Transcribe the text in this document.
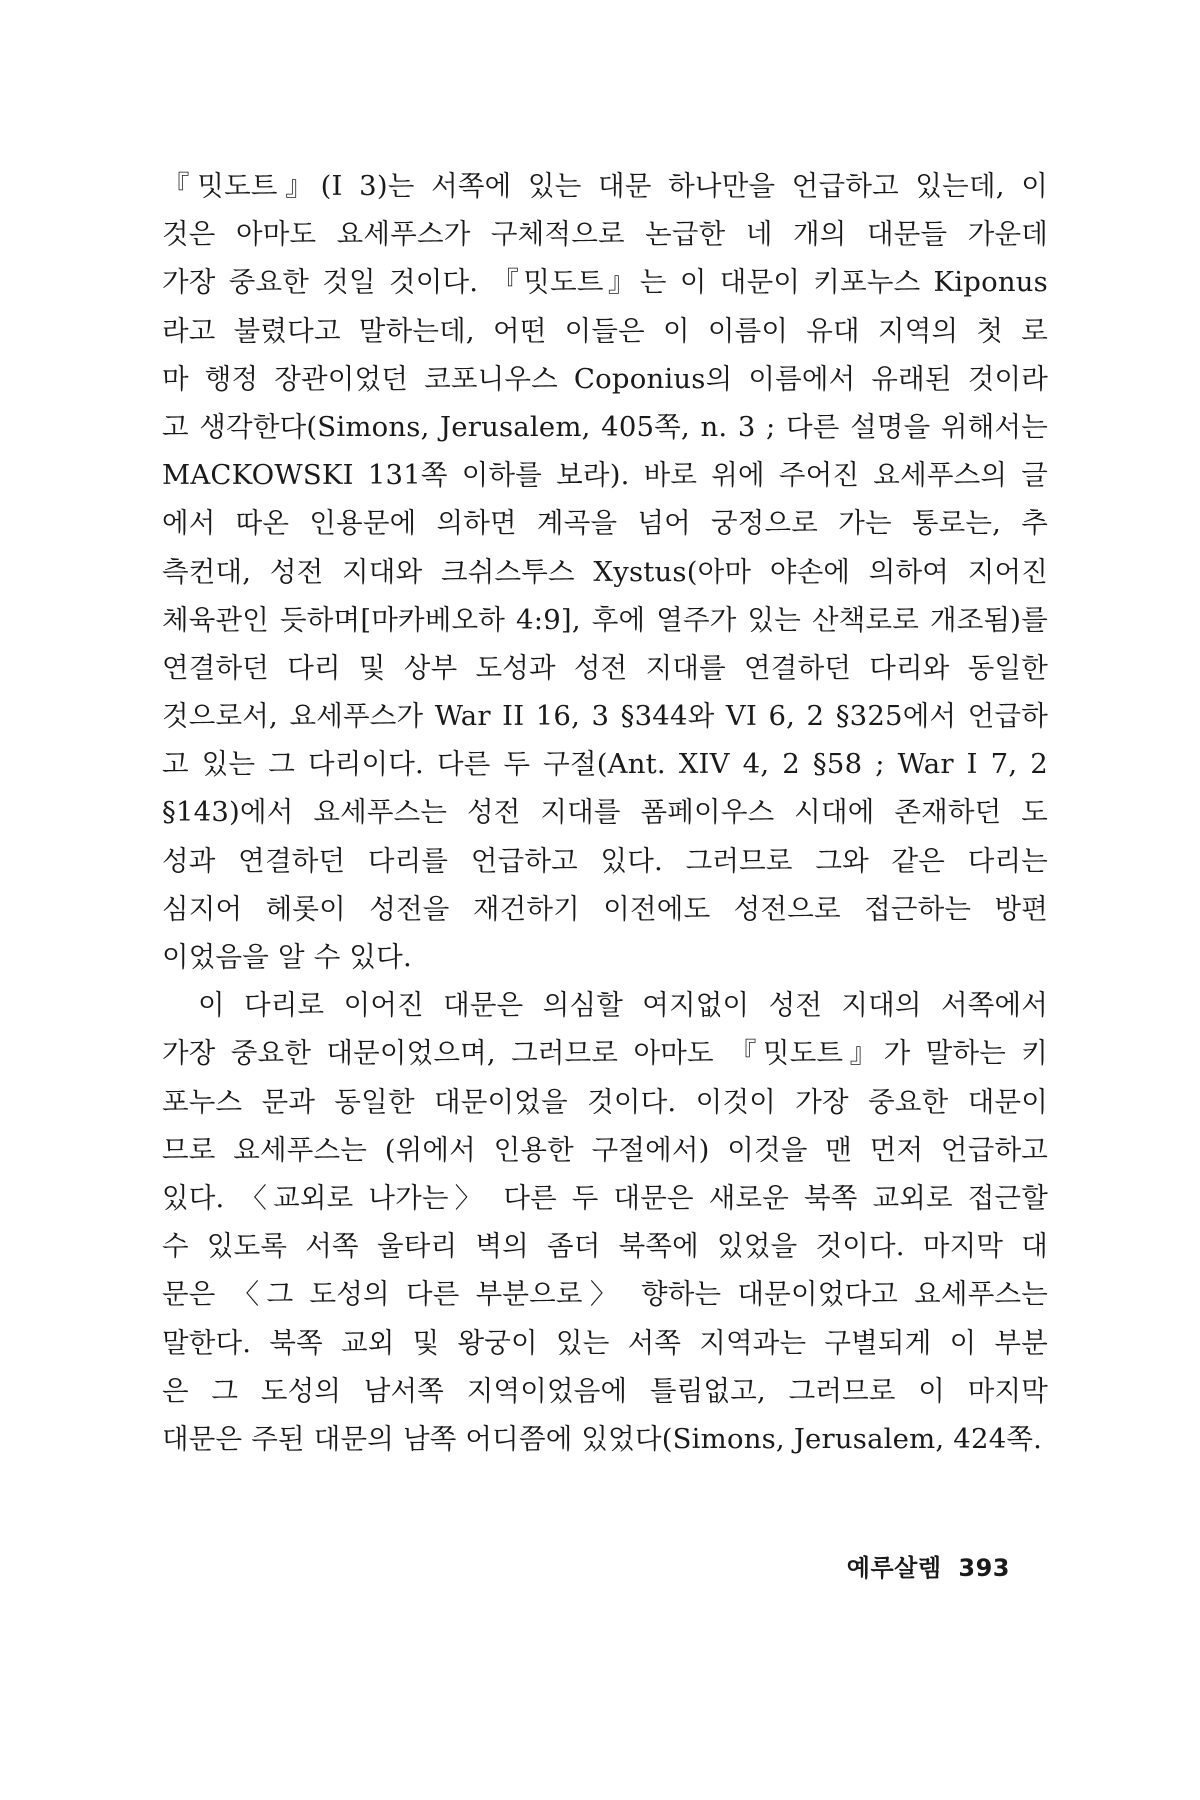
『밋도트』(I 3)는 서쪽에 있는 대문 하나만을 언급하고 있는데, 이
것은 아마도 요세푸스가 구체적으로 논급한 네 개의 대문들 가운데
가장 중요한 것일 것이다. 『밋도트』는 이 대문이 키포누스 Kiponus
라고 불렸다고 말하는데, 어떤 이들은 이 이름이 유대 지역의 첫 로
마 행정 장관이었던 코포니우스 Coponius의 이름에서 유래된 것이라
고 생각한다(Simons, Jerusalem, 405쪽, n. 3 ; 다른 설명을 위해서는
MACKOWSKI 131쪽 이하를 보라). 바로 위에 주어진 요세푸스의 글
에서 따온 인용문에 의하면 계곡을 넘어 궁정으로 가는 통로는, 추
측컨대, 성전 지대와 크쉬스투스 Xystus(아마 야손에 의하여 지어진
체육관인 듯하며[마카베오하 4:9], 후에 열주가 있는 산책로로 개조됨)를
연결하던 다리 및 상부 도성과 성전 지대를 연결하던 다리와 동일한
것으로서, 요세푸스가 War II 16, 3 §344와 VI 6, 2 §325에서 언급하
고 있는 그 다리이다. 다른 두 구절(Ant. XIV 4, 2 §58 ; War I 7, 2
§143)에서 요세푸스는 성전 지대를 폼페이우스 시대에 존재하던 도
성과 연결하던 다리를 언급하고 있다. 그러므로 그와 같은 다리는
심지어 헤롯이 성전을 재건하기 이전에도 성전으로 접근하는 방편
이었음을 알 수 있다.
이 다리로 이어진 대문은 의심할 여지없이 성전 지대의 서쪽에서
가장 중요한 대문이었으며, 그러므로 아마도 『밋도트』가 말하는 키
포누스 문과 동일한 대문이었을 것이다. 이것이 가장 중요한 대문이
므로 요세푸스는 (위에서 인용한 구절에서) 이것을 맨 먼저 언급하고
있다. 〈교외로 나가는〉 다른 두 대문은 새로운 북쪽 교외로 접근할
수 있도록 서쪽 울타리 벽의 좀더 북쪽에 있었을 것이다. 마지막 대
문은 〈그 도성의 다른 부분으로〉 향하는 대문이었다고 요세푸스는
말한다. 북쪽 교외 및 왕궁이 있는 서쪽 지역과는 구별되게 이 부분
은 그 도성의 남서쪽 지역이었음에 틀림없고, 그러므로 이 마지막
대문은 주된 대문의 남쪽 어디쯤에 있었다(Simons, Jerusalem, 424쪽.
예루살렘 393
